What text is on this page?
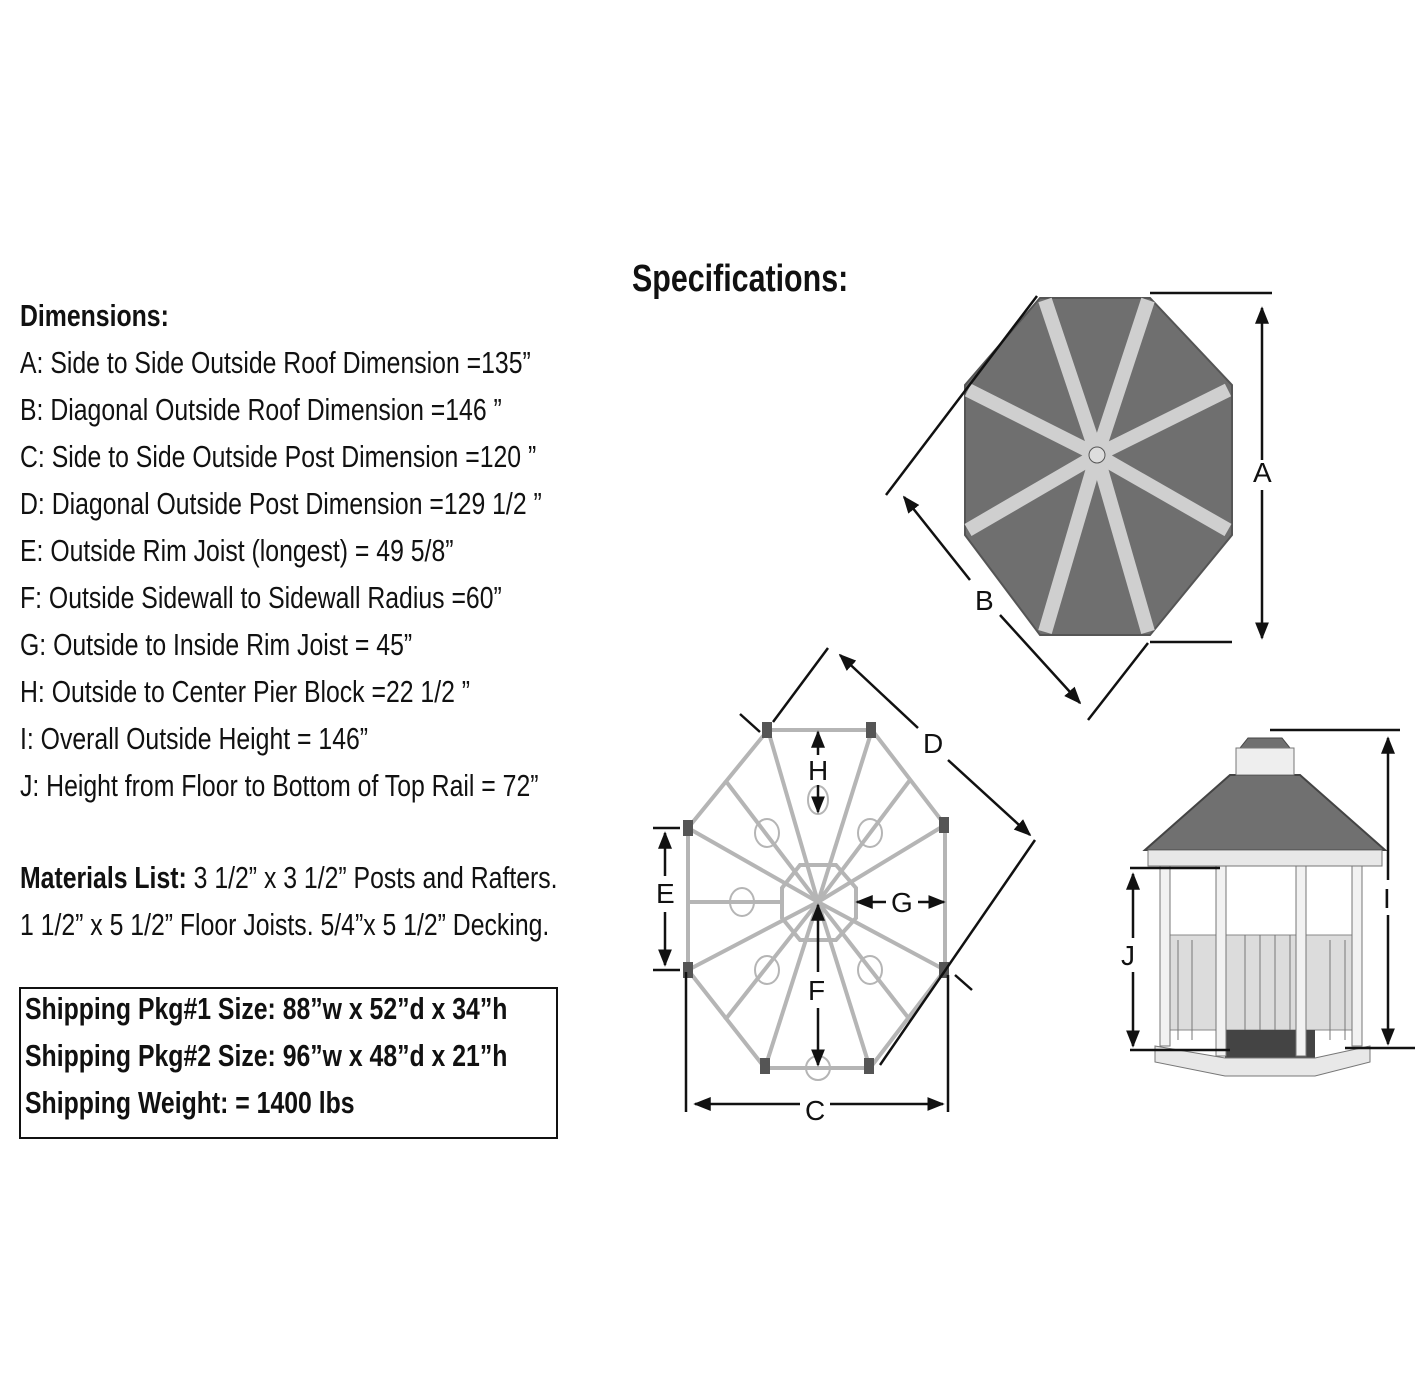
Specifications:
Dimensions:
A: Side to Side Outside Roof Dimension =135”
B: Diagonal Outside Roof Dimension =146 ”
C: Side to Side Outside Post Dimension =120 ”
D: Diagonal Outside Post Dimension =129 1/2 ”
E: Outside Rim Joist (longest) = 49 5/8”
F: Outside Sidewall to Sidewall Radius =60”
G: Outside to Inside Rim Joist = 45”
H: Outside to Center Pier Block =22 1/2 ”
I: Overall Outside Height = 146”
J: Height from Floor to Bottom of Top Rail = 72”
Materials List: 3 1/2” x 3 1/2” Posts and Rafters.
1 1/2” x 5 1/2” Floor Joists. 5/4”x 5 1/2” Decking.
Shipping Pkg#1 Size: 88”w x 52”d x 34”h
Shipping Pkg#2 Size: 96”w x 48”d x 21”h
Shipping Weight: = 1400 lbs
A
B
C
D
E
F
G
H
I
J
